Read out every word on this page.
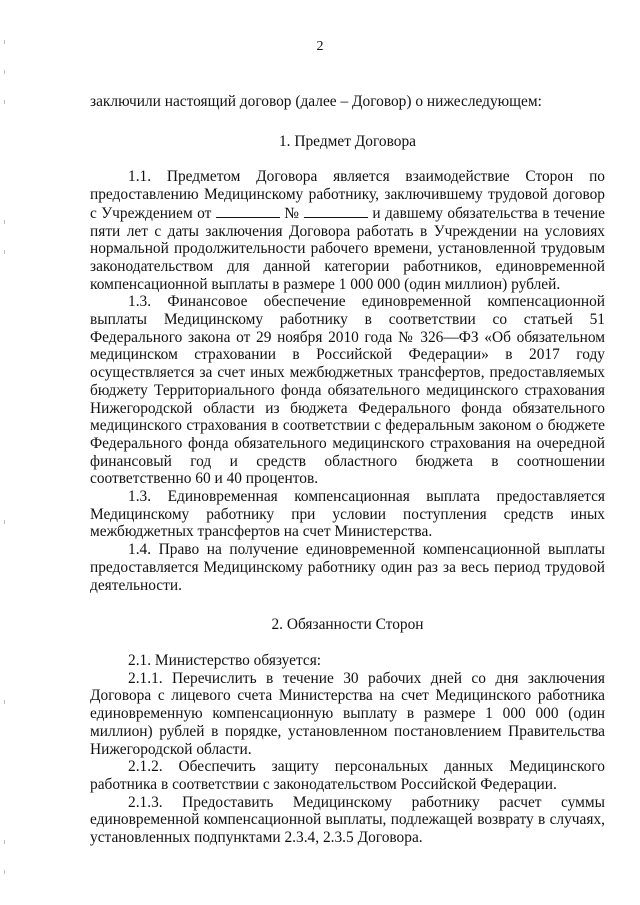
2

заключили настоящий договор (далее – Договор) о нижеследующем:

1. Предмет Договора

1.1. Предметом Договора является взаимодействие Сторон по предоставлению Медицинскому работнику, заключившему трудовой договор с Учреждением от	№	и давшему обязательства в течение пяти лет с даты заключения Договора работать в Учреждении на условиях нормальной продолжительности рабочего времени, установленной трудовым законодательством для данной категории работников, единовременной компенсационной выплаты в размере 1 000 000 (один миллион) рублей.

1.3. Финансовое обеспечение единовременной компенсационной выплаты Медицинскому работнику в соответствии со статьей 51 Федерального закона от 29 ноября 2010 года № 326—ФЗ «Об обязательном медицинском страховании в Российской Федерации» в 2017 году осуществляется за счет иных межбюджетных трансфертов, предоставляемых бюджету Территориального фонда обязательного медицинского страхования Нижегородской области из бюджета Федерального фонда обязательного медицинского страхования в соответствии с федеральным законом о бюджете Федерального фонда обязательного медицинского страхования на очередной финансовый год и средств областного бюджета в соотношении соответственно 60 и 40 процентов.

1.3. Единовременная компенсационная выплата предоставляется Медицинскому работнику при условии поступления средств иных межбюджетных трансфертов на счет Министерства.

1.4. Право на получение единовременной компенсационной выплаты предоставляется Медицинскому работнику один раз за весь период трудовой деятельности.

2. Обязанности Сторон

2.1. Министерство обязуется:

2.1.1. Перечислить в течение 30 рабочих дней со дня заключения Договора с лицевого счета Министерства на счет Медицинского работника единовременную компенсационную выплату в размере 1 000 000 (один миллион) рублей в порядке, установленном постановлением Правительства Нижегородской области.

2.1.2. Обеспечить защиту персональных данных Медицинского работника в соответствии с законодательством Российской Федерации.

2.1.3. Предоставить Медицинскому работнику расчет суммы единовременной компенсационной выплаты, подлежащей возврату в случаях, установленных подпунктами 2.3.4, 2.3.5 Договора.
